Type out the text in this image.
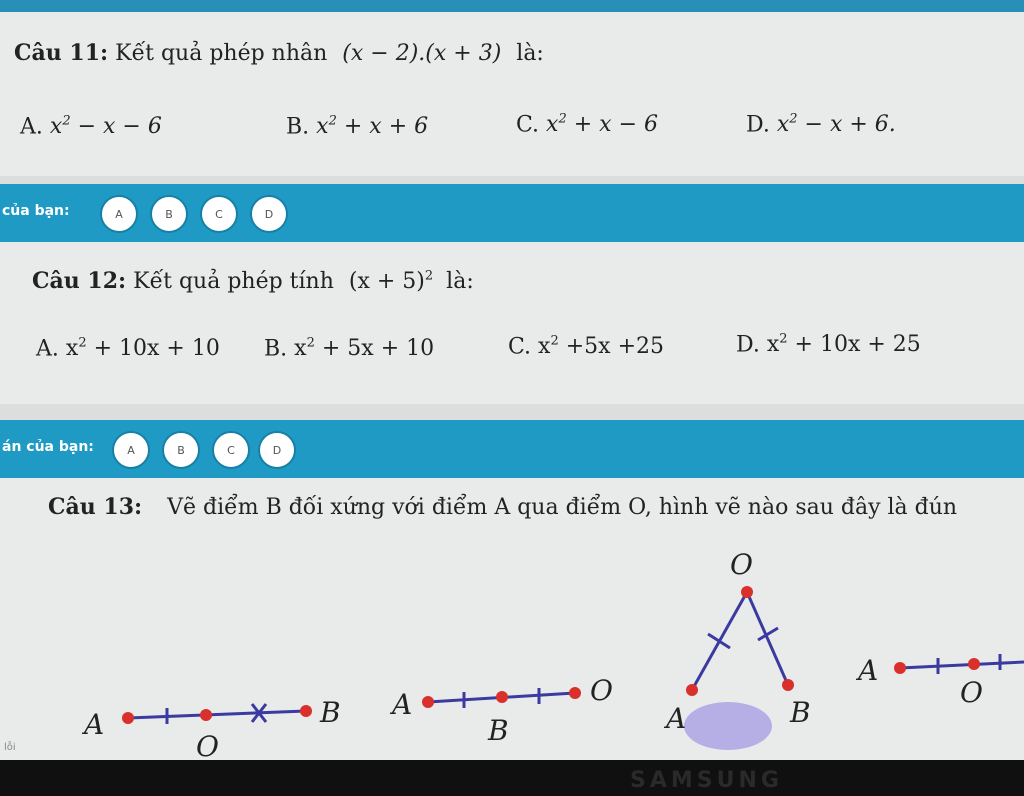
Câu 11: Kết quả phép nhân (x − 2).(x + 3) là:
A. $x^2 - x - 6$	B. $x^2 + x + 6$	C. $x^2 + x - 6$	D. $x^2 - x + 6$.
của bạn:	A	B	C	D
Câu 12: Kết quả phép tính $(x + 5)^2$ là:
A. $x^2 + 10x + 10$ B. $x^2 + 5x + 10$	C. $x^2 +5x +25$	D. $x^2 + 10x + 25$
án của bạn:	A	B	C	D
Câu 13: Vẽ điểm B đối xứng với điểm A qua điểm O, hình vẽ nào sau đây là đún
A
O
B A
B
O
O
A	B
A
O
lỗi
SAMSUNG
